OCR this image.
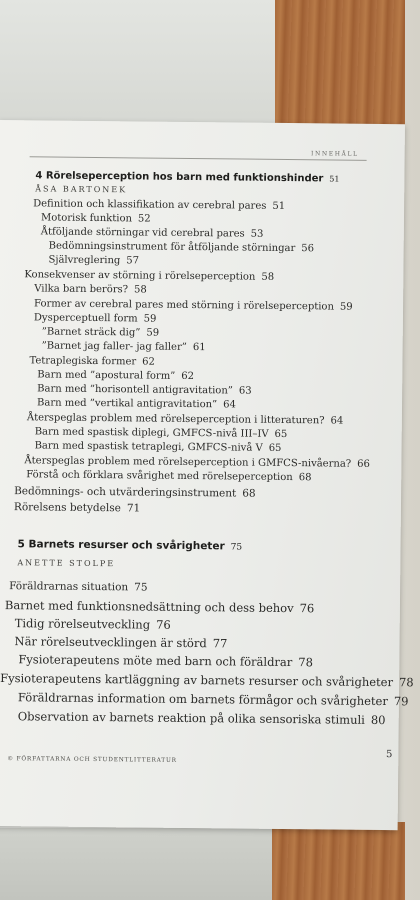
INNEHÅLL
4 Rörelseperception hos barn med funktionshinder 51
ÅSA BARTONEK
Definition och klassifikation av cerebral pares 51
Motorisk funktion 52
Åtföljande störningar vid cerebral pares 53
Bedömningsinstrument för åtföljande störningar 56
Självreglering 57
Konsekvenser av störning i rörelseperception 58
Vilka barn berörs? 58
Former av cerebral pares med störning i rörelseperception 59
Dysperceptuell form 59
”Barnet sträck dig” 59
”Barnet jag faller- jag faller” 61
Tetraplegiska former 62
Barn med ”apostural form” 62
Barn med ”horisontell antigravitation” 63
Barn med ”vertikal antigravitation” 64
Återspeglas problem med rörelseperception i litteraturen? 64
Barn med spastisk diplegi, GMFCS-nivå III–IV 65
Barn med spastisk tetraplegi, GMFCS-nivå V 65
Återspeglas problem med rörelseperception i GMFCS-nivåerna? 66
Förstå och förklara svårighet med rörelseperception 68
Bedömnings- och utvärderingsinstrument 68
Rörelsens betydelse 71
5 Barnets resurser och svårigheter 75
ANETTE STOLPE
Föräldrarnas situation 75
Barnet med funktionsnedsättning och dess behov 76
Tidig rörelseutveckling 76
När rörelseutvecklingen är störd 77
Fysioterapeutens möte med barn och föräldrar 78
Fysioterapeutens kartläggning av barnets resurser och svårigheter 78
Föräldrarnas information om barnets förmågor och svårigheter 79
Observation av barnets reaktion på olika sensoriska stimuli 80
© FÖRFATTARNA OCH STUDENTLITTERATUR	5
